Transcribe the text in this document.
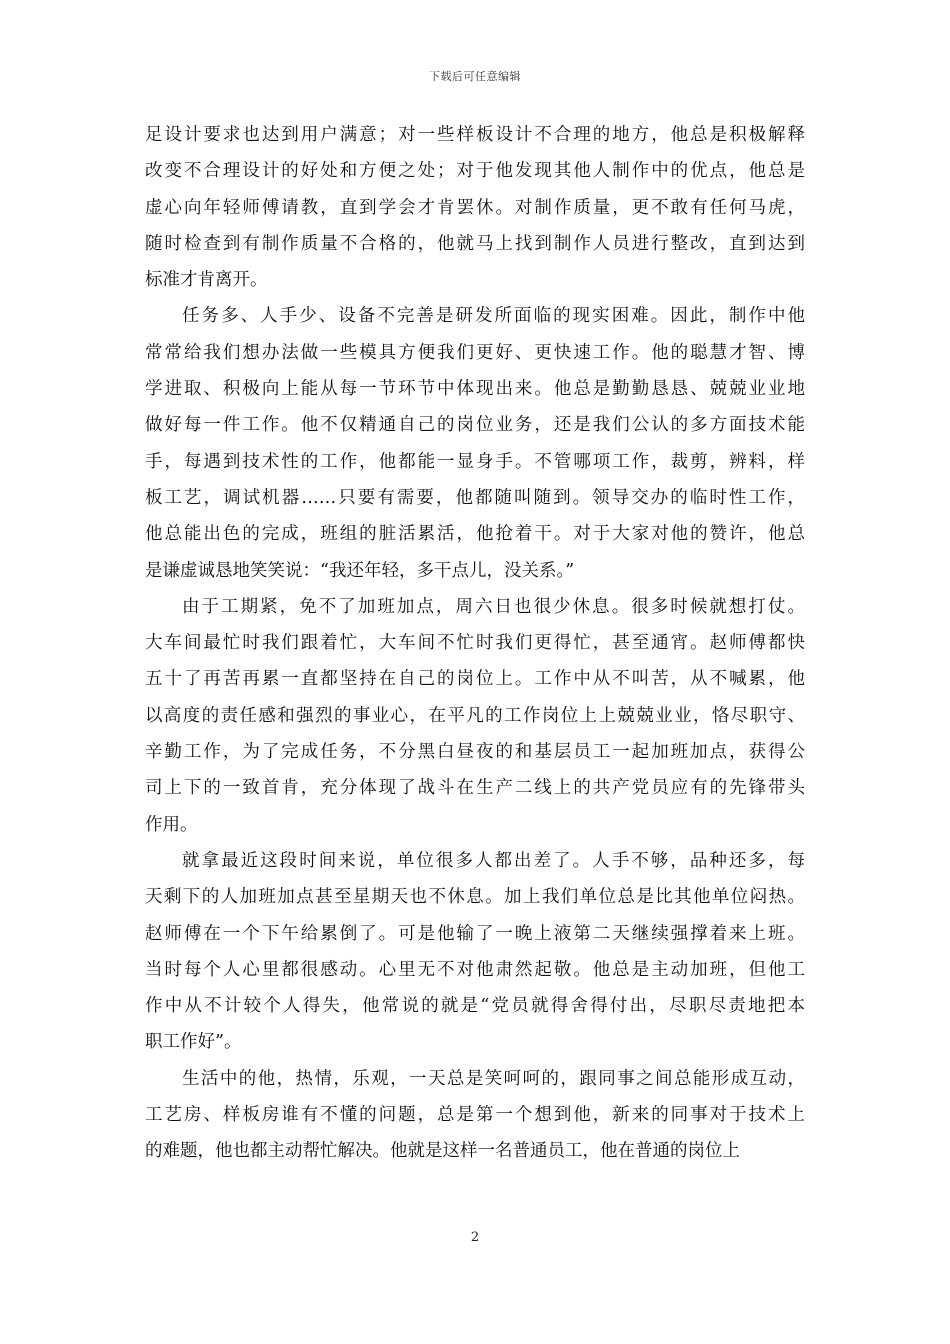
下载后可任意编辑
足设计要求也达到用户满意；对一些样板设计不合理的地方，他总是积极解释
改变不合理设计的好处和方便之处；对于他发现其他人制作中的优点，他总是
虚心向年轻师傅请教，直到学会才肯罢休。对制作质量，更不敢有任何马虎，
随时检查到有制作质量不合格的，他就马上找到制作人员进行整改，直到达到
标准才肯离开。
任务多、人手少、设备不完善是研发所面临的现实困难。因此，制作中他
常常给我们想办法做一些模具方便我们更好、更快速工作。他的聪慧才智、博
学进取、积极向上能从每一节环节中体现出来。他总是勤勤恳恳、兢兢业业地
做好每一件工作。他不仅精通自己的岗位业务，还是我们公认的多方面技术能
手，每遇到技术性的工作，他都能一显身手。不管哪项工作，裁剪，辨料，样
板工艺，调试机器……只要有需要，他都随叫随到。领导交办的临时性工作，
他总能出色的完成，班组的脏活累活，他抢着干。对于大家对他的赞许，他总
是谦虚诚恳地笑笑说：“我还年轻，多干点儿，没关系。”
由于工期紧，免不了加班加点，周六日也很少休息。很多时候就想打仗。
大车间最忙时我们跟着忙，大车间不忙时我们更得忙，甚至通宵。赵师傅都快
五十了再苦再累一直都坚持在自己的岗位上。工作中从不叫苦，从不喊累，他
以高度的责任感和强烈的事业心，在平凡的工作岗位上上兢兢业业，恪尽职守、
辛勤工作，为了完成任务，不分黑白昼夜的和基层员工一起加班加点，获得公
司上下的一致首肯，充分体现了战斗在生产二线上的共产党员应有的先锋带头
作用。
就拿最近这段时间来说，单位很多人都出差了。人手不够，品种还多，每
天剩下的人加班加点甚至星期天也不休息。加上我们单位总是比其他单位闷热。
赵师傅在一个下午给累倒了。可是他输了一晚上液第二天继续强撑着来上班。
当时每个人心里都很感动。心里无不对他肃然起敬。他总是主动加班，但他工
作中从不计较个人得失，他常说的就是“党员就得舍得付出，尽职尽责地把本
职工作好”。
生活中的他，热情，乐观，一天总是笑呵呵的，跟同事之间总能形成互动，
工艺房、样板房谁有不懂的问题，总是第一个想到他，新来的同事对于技术上
的难题，他也都主动帮忙解决。他就是这样一名普通员工，他在普通的岗位上
2
